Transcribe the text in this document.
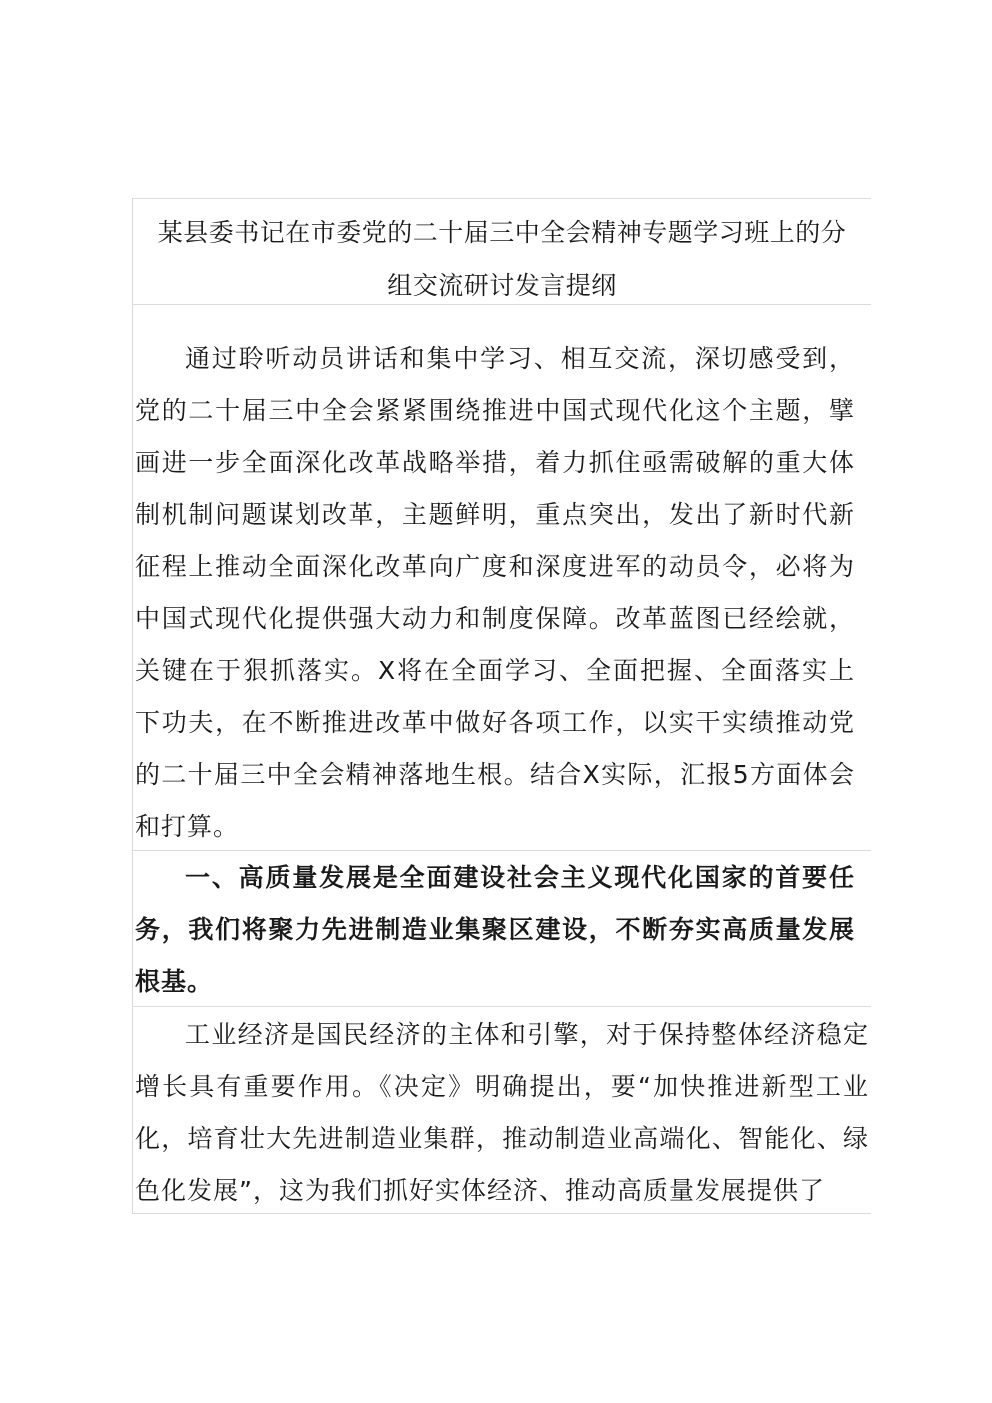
某县委书记在市委党的二十届三中全会精神专题学习班上的分
组交流研讨发言提纲

通过聆听动员讲话和集中学习、相互交流，深切感受到，党的二十届三中全会紧紧围绕推进中国式现代化这个主题，擘画进一步全面深化改革战略举措，着力抓住亟需破解的重大体制机制问题谋划改革，主题鲜明，重点突出，发出了新时代新征程上推动全面深化改革向广度和深度进军的动员令，必将为中国式现代化提供强大动力和制度保障。改革蓝图已经绘就，关键在于狠抓落实。X将在全面学习、全面把握、全面落实上下功夫，在不断推进改革中做好各项工作，以实干实绩推动党的二十届三中全会精神落地生根。结合X实际，汇报5方面体会和打算。

一、高质量发展是全面建设社会主义现代化国家的首要任务，我们将聚力先进制造业集聚区建设，不断夯实高质量发展根基。

工业经济是国民经济的主体和引擎，对于保持整体经济稳定增长具有重要作用。《决定》明确提出，要“加快推进新型工业化，培育壮大先进制造业集群，推动制造业高端化、智能化、绿色化发展”，这为我们抓好实体经济、推动高质量发展提供了
